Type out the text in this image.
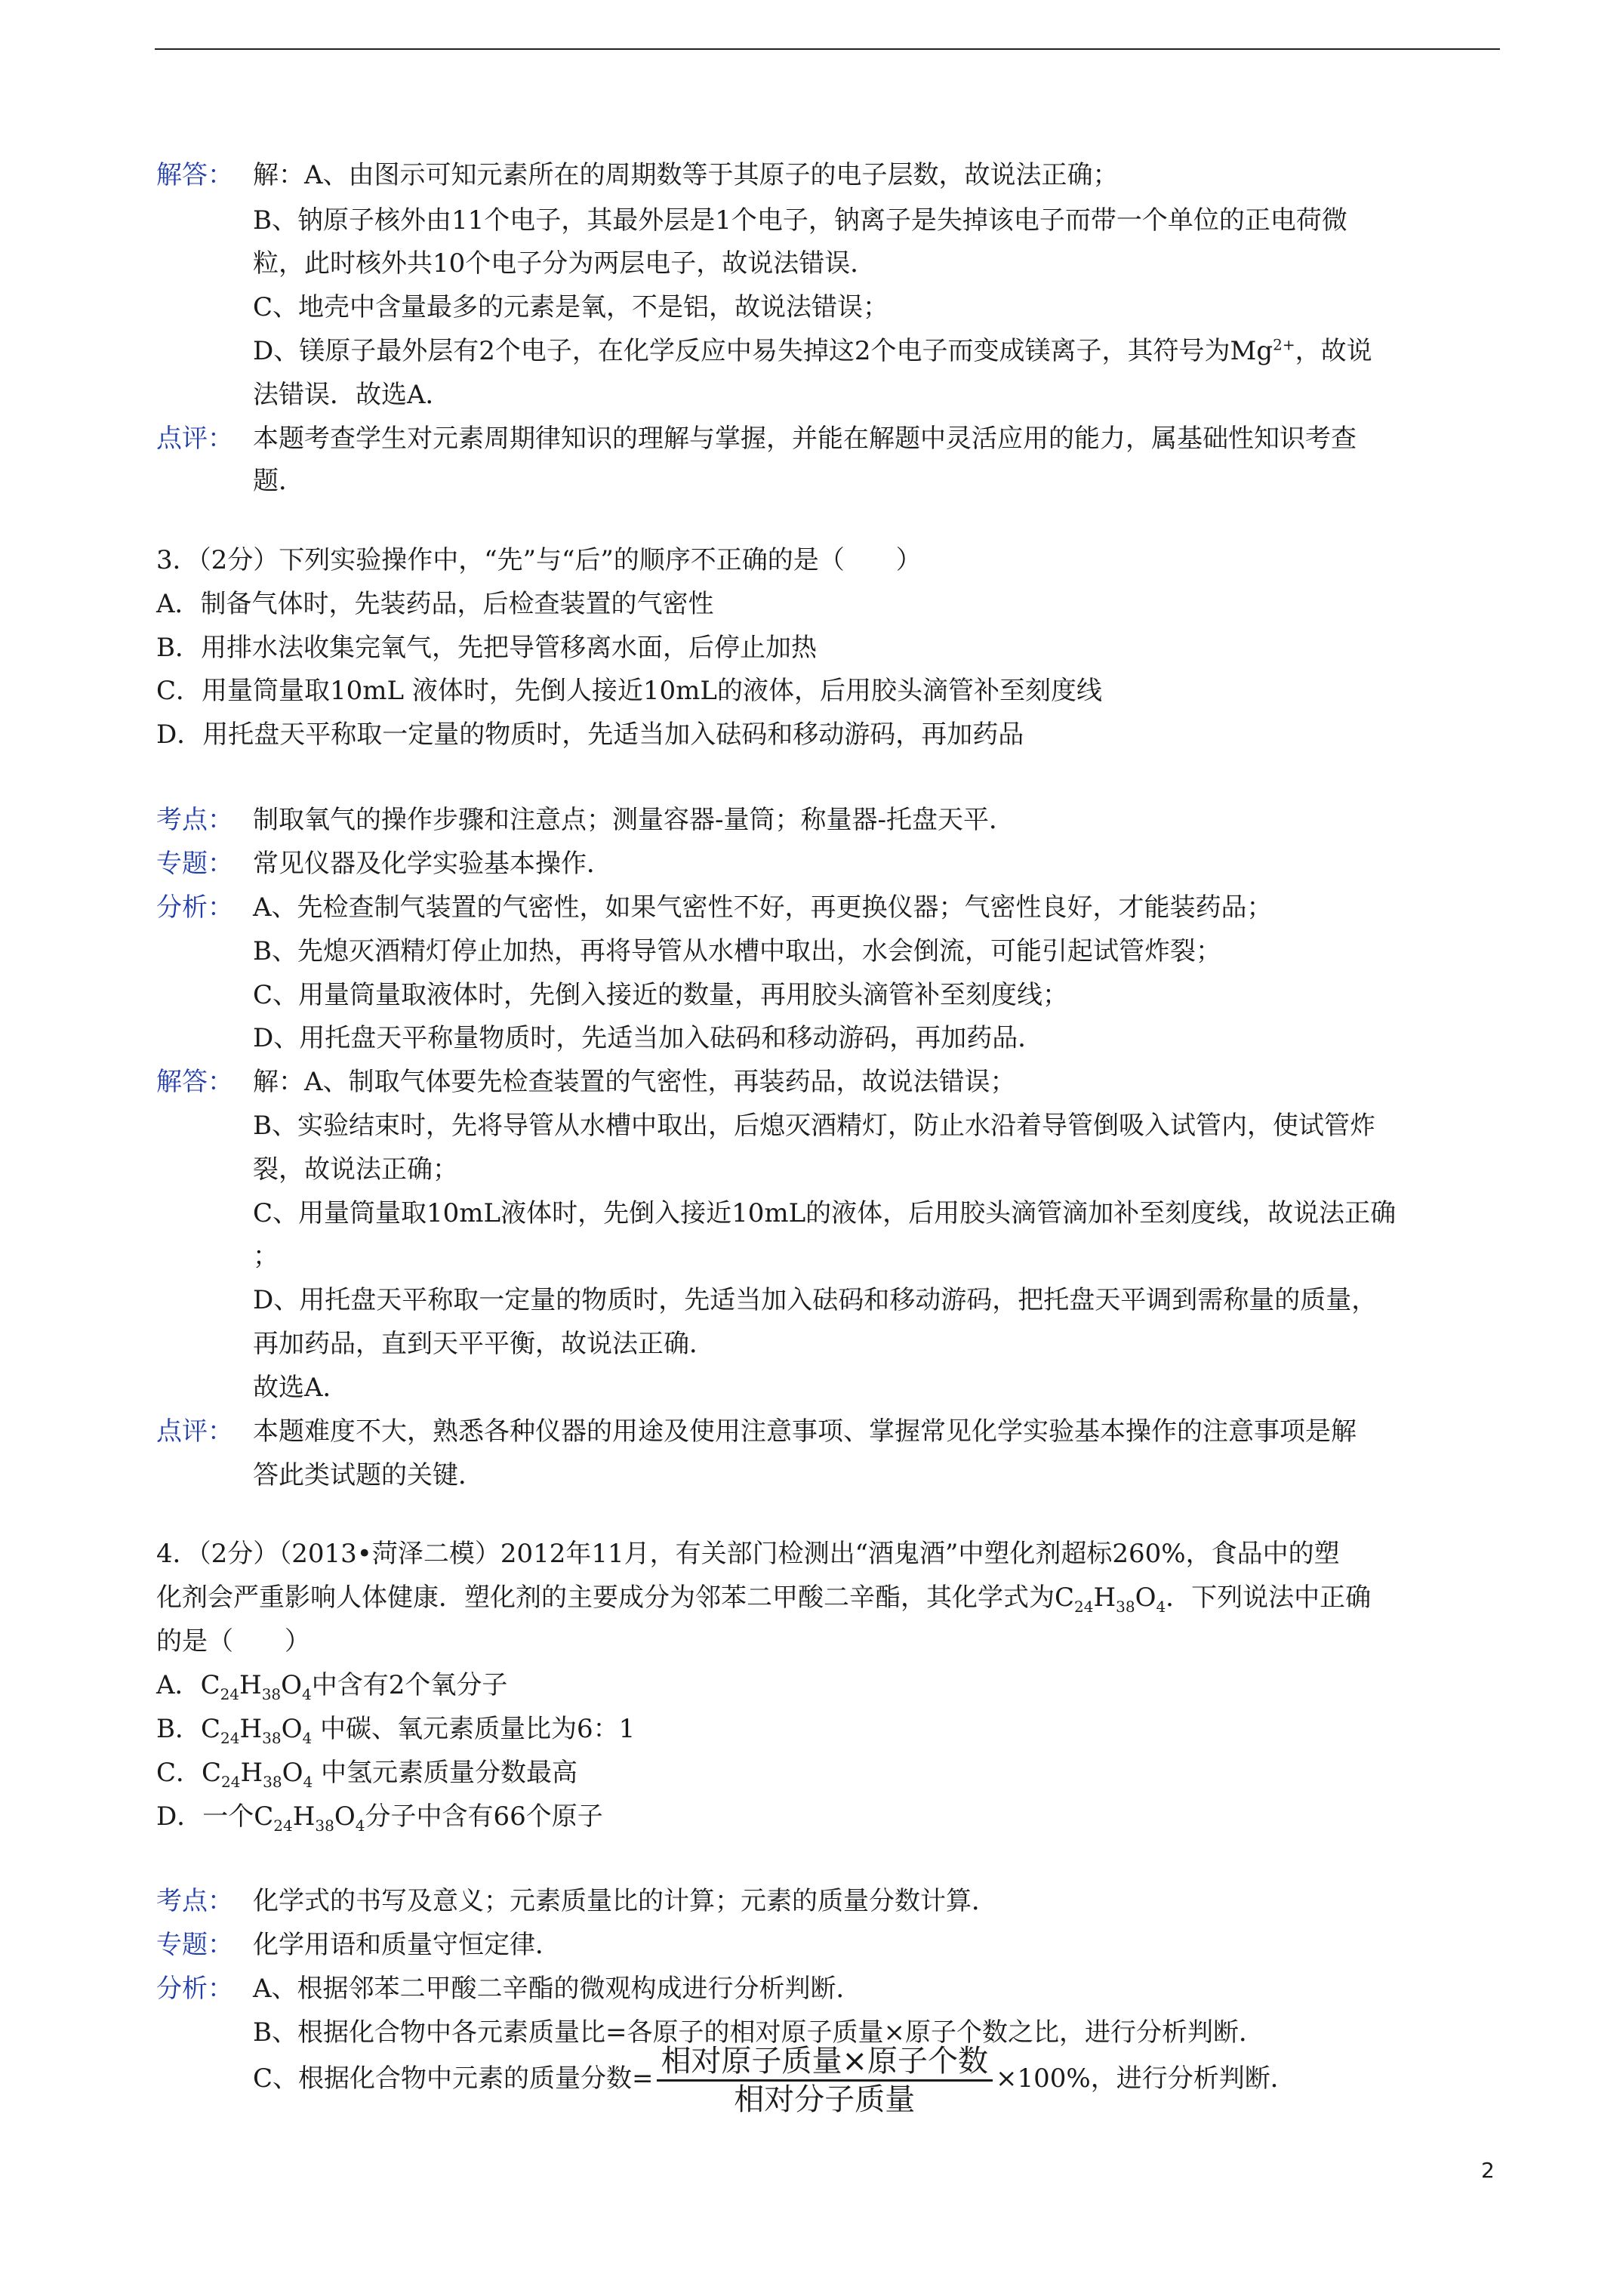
解答： 解：A、由图示可知元素所在的周期数等于其原子的电子层数，故说法正确；
B、钠原子核外由11个电子，其最外层是1个电子，钠离子是失掉该电子而带一个单位的正电荷微
粒，此时核外共10个电子分为两层电子，故说法错误．
C、地壳中含量最多的元素是氧，不是铝，故说法错误；
D、镁原子最外层有2个电子，在化学反应中易失掉这2个电子而变成镁离子，其符号为$Mg^{2+}$，故说
法错误．故选A．
点评： 本题考查学生对元素周期律知识的理解与掌握，并能在解题中灵活应用的能力，属基础性知识考查
题．
3．（2分）下列实验操作中，“先”与“后”的顺序不正确的是（　　）
A．制备气体时，先装药品，后检查装置的气密性
B．用排水法收集完氧气，先把导管移离水面，后停止加热
C．用量筒量取10mL 液体时，先倒人接近10mL的液体，后用胶头滴管补至刻度线
D．用托盘天平称取一定量的物质时，先适当加入砝码和移动游码，再加药品
考点： 制取氧气的操作步骤和注意点；测量容器-量筒；称量器-托盘天平．
专题： 常见仪器及化学实验基本操作．
分析： A、先检查制气装置的气密性，如果气密性不好，再更换仪器；气密性良好，才能装药品；
B、先熄灭酒精灯停止加热，再将导管从水槽中取出，水会倒流，可能引起试管炸裂；
C、用量筒量取液体时，先倒入接近的数量，再用胶头滴管补至刻度线；
D、用托盘天平称量物质时，先适当加入砝码和移动游码，再加药品．
解答： 解：A、制取气体要先检查装置的气密性，再装药品，故说法错误；
B、实验结束时，先将导管从水槽中取出，后熄灭酒精灯，防止水沿着导管倒吸入试管内，使试管炸
裂，故说法正确；
C、用量筒量取10mL液体时，先倒入接近10mL的液体，后用胶头滴管滴加补至刻度线，故说法正确
；
D、用托盘天平称取一定量的物质时，先适当加入砝码和移动游码，把托盘天平调到需称量的质量，
再加药品，直到天平平衡，故说法正确．
故选A．
点评： 本题难度不大，熟悉各种仪器的用途及使用注意事项、掌握常见化学实验基本操作的注意事项是解
答此类试题的关键．
4．（2分）（2013•菏泽二模）2012年11月，有关部门检测出“酒鬼酒”中塑化剂超标260%，食品中的塑
化剂会严重影响人体健康．塑化剂的主要成分为邻苯二甲酸二辛酯，其化学式为$C_{24}H_{38}O_4$．下列说法中正确
的是（　　）
A．$C_{24}H_{38}O_4$中含有2个氧分子
B．$C_{24}H_{38}O_4$ 中碳、氧元素质量比为6：1
C．$C_{24}H_{38}O_4$ 中氢元素质量分数最高
D．一个$C_{24}H_{38}O_4$分子中含有66个原子
考点： 化学式的书写及意义；元素质量比的计算；元素的质量分数计算．
专题： 化学用语和质量守恒定律．
分析： A、根据邻苯二甲酸二辛酯的微观构成进行分析判断．
B、根据化合物中各元素质量比=各原子的相对原子质量×原子个数之比，进行分析判断．
C、根据化合物中元素的质量分数= $\frac{\text{相对原子质量×原子个数}}{\text{相对分子质量}} \times 100\%$，进行分析判断．
2
